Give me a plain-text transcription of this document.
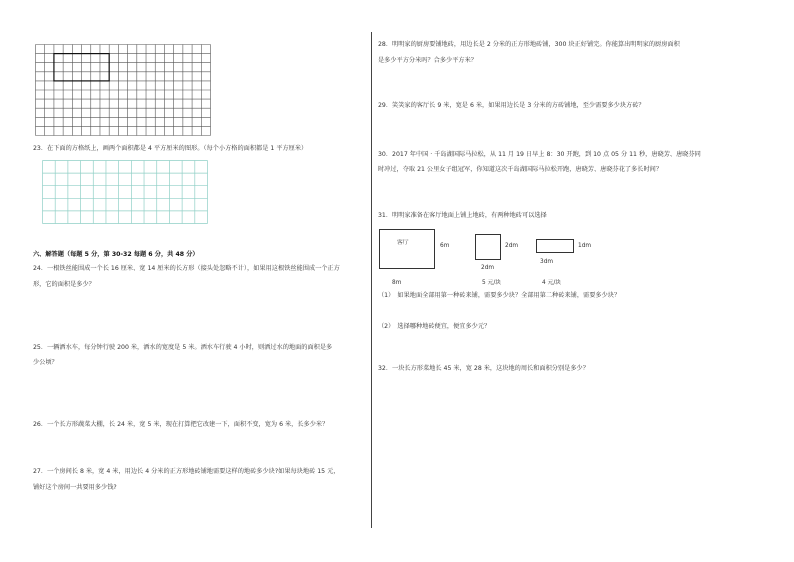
23．在下面的方格纸上，画两个面积都是 4 平方厘米的图形。（每个小方格的面积都是 1 平方厘米）
六、解答题（每题 5 分，第 30-32 每题 6 分，共 48 分）
24．一根铁丝能围成一个长 16 厘米、宽 14 厘米的长方形（接头处忽略不计），如果用这根铁丝能围成一个正方
形，它的面积是多少？
25．一辆洒水车，每分钟行驶 200 米，洒水的宽度是 5 米。洒水车行驶 4 小时，则洒过水的地面的面积是多
少公顷？
26．一个长方形蔬菜大棚，长 24 米，宽 5 米，现在打算把它改建一下，面积不变，宽为 6 米，长多少米？
27．一个房间长 8 米，宽 4 米，用边长 4 分米的正方形地砖铺地需要这样的地砖多少块?如果每块地砖 15 元，
铺好这个房间一共要用多少钱?
28．明明家的厨房要铺地砖，用边长是 2 分米的正方形地砖铺，300 块正好铺完。你能算出明明家的厨房面积
是多少平方分米吗？合多少平方米？
29．笑笑家的客厅长 9 米，宽是 6 米，如果用边长是 3 分米的方砖铺地，至少需要多少块方砖？
30．2017 年中国 · 千岛湖国际马拉松，从 11 月 19 日早上 8：30 开跑，到 10 点 05 分 11 秒，唐晓芳、唐晓芬同
时冲过，夺取 21 公里女子组冠军，你知道这次千岛湖国际马拉松开跑，唐晓芳、唐晓芬花了多长时间？
31．明明家准备在客厅地面上铺上地砖，有两种地砖可以选择
客厅	6m
8m
2dm
2dm
5 元/块
1dm
3dm
4 元/块
（1）　如果地面全部用第一种砖来铺，需要多少块？全部用第二种砖来铺，需要多少块？
（2）　选择哪种地砖便宜，便宜多少元？
32．一块长方形菜地长 45 米，宽 28 米，这块地的周长和面积分别是多少？
